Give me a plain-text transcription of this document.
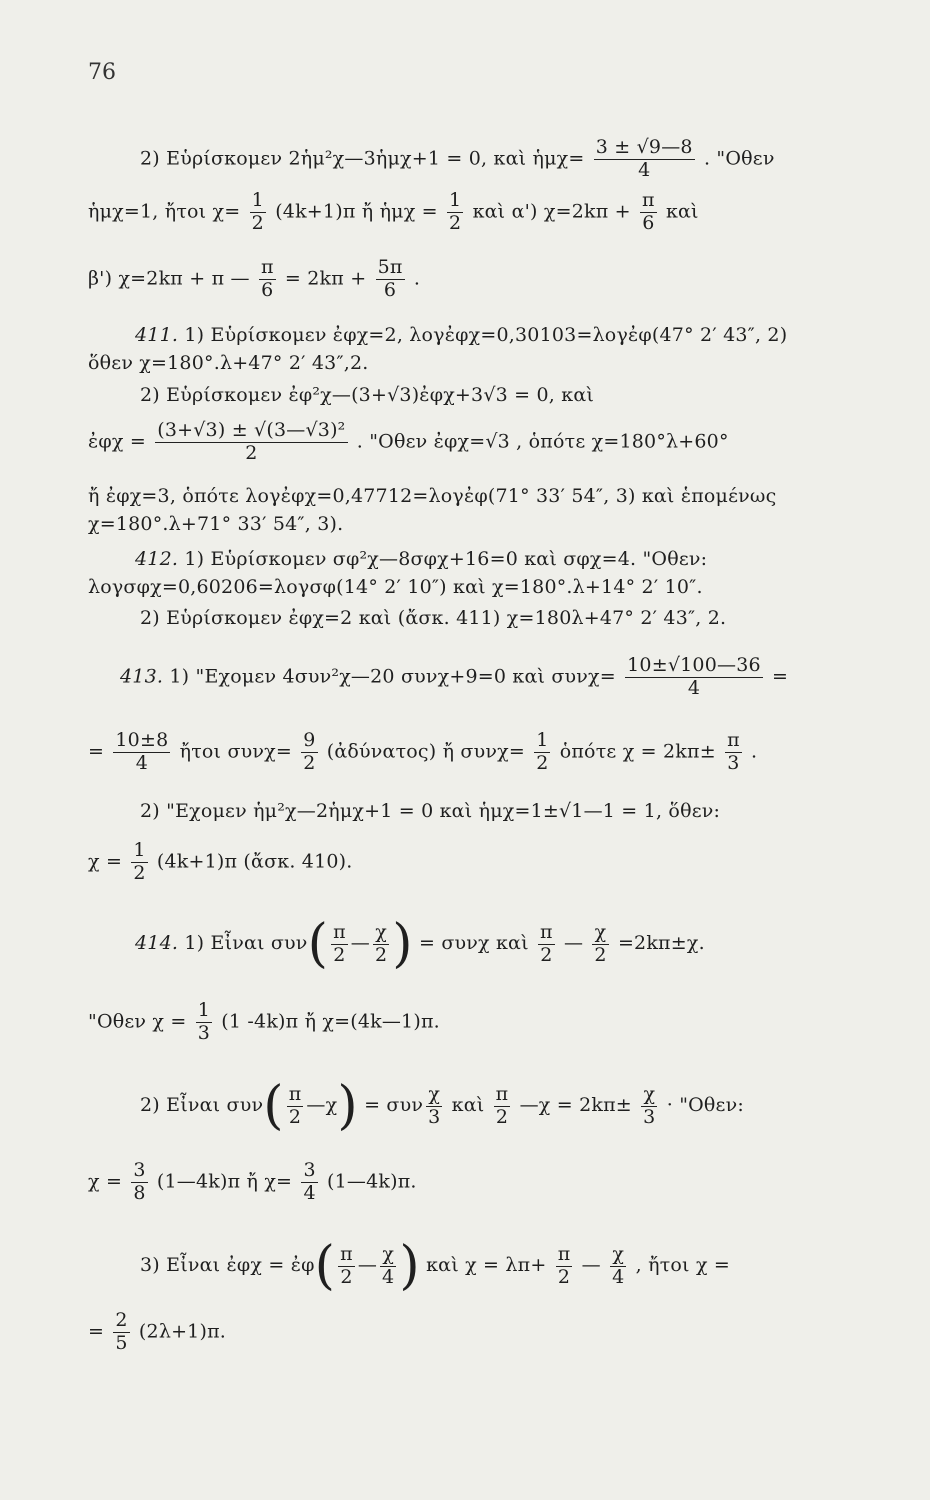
76
2) Εὑρίσκομεν 2ἡμ²χ—3ἡμχ+1 = 0, καὶ ἡμχ= $\frac{3 \pm √9—8}{4}$ . "Οθεν
ἡμχ=1, ἤτοι $\chi= \frac{1}{2} (4k+1)\pi$ ἤ ἡμχ = $\frac{1}{2}$ καὶ α') $\chi=2k\pi + \frac{\pi}{6}$ καὶ
β') χ=2kπ + π — $\frac{\pi}{6} = 2k\pi + \frac{5\pi}{6}$ .
411. 1) Εὑρίσκομεν ἐφχ=2, λογἐφχ=0,30103=λογἐφ(47° 2′ 43″, 2)
ὅθεν χ=180°.λ+47° 2′ 43″,2.
2) Εὑρίσκομεν ἐφ²χ—(3+√3)ἐφχ+3√3 = 0, καὶ
ἐφχ = $\frac{\text{(3+√3) ± √(3—√3)²}}{2}$ . "Οθεν ἐφχ=√3 , ὁπότε χ=180°λ+60°
ἤ ἐφχ=3, ὁπότε λογἐφχ=0,47712=λογἐφ(71° 33′ 54″, 3) καὶ ἑπομένως
χ=180°.λ+71° 33′ 54″, 3).
412. 1) Εὑρίσκομεν σφ²χ—8σφχ+16=0 καὶ σφχ=4. "Οθεν:
λογσφχ=0,60206=λογσφ(14° 2′ 10″) καὶ χ=180°.λ+14° 2′ 10″.
2) Εὑρίσκομεν ἐφχ=2 καὶ (ἄσκ. 411) χ=180λ+47° 2′ 43″, 2.
413. 1) "Εχομεν 4συν²χ—20 συνχ+9=0 καὶ $\sigma\upsilon\nu\chi= \frac{10\pm√100—36}{4}$ =
= $\frac{10\pm 8}{4}$ ἤτοι $\sigma\upsilon\nu\chi= \frac{9}{2}$ (ἀδύνατος) ἤ $\sigma\upsilon\nu\chi= \frac{1}{2}$ ὁπότε $\chi = 2k\pi\pm \frac{\pi}{3}$ .
2) "Εχομεν ἡμ²χ—2ἡμχ+1 = 0 καὶ ἡμχ=1±√1—1 = 1, ὅθεν:
$\chi = \frac{1}{2} (4k+1)\pi$ (ἄσκ. 410).
414. 1) Εἶναι $\sigma\upsilon\nu( \frac{\pi}{2}$ — $\frac{\chi}{2}$ ) = συνχ καὶ $\frac{\pi}{2}$ — $\frac{\chi}{2} =2k\pi\pm\chi$.
"Οθεν $\chi = \frac{1}{3} (1$ -4k)π ἤ χ=(4k—1)π.
2) Εἶναι $\sigma\upsilon\nu( \frac{\pi}{2}$ —χ) = συν $\frac{\chi}{3}$ καὶ $\frac{\pi}{2}$ —χ = $2k\pi\pm \frac{\chi}{3}$ · "Οθεν:
$\chi = \frac{3}{8}$ (1—4k)π ἤ $\chi= \frac{3}{4}$ (1—4k)π.
3) Εἶναι ἐφχ = ἐφ( $\frac{\pi}{2}$ — $\frac{\chi}{4}$ ) καὶ $\chi = \lambda\pi+ \frac{\pi}{2}$ — $\frac{\chi}{4}$ , ἤτοι χ =
= $\frac{2}{5} (2\lambda+1)\pi$.
